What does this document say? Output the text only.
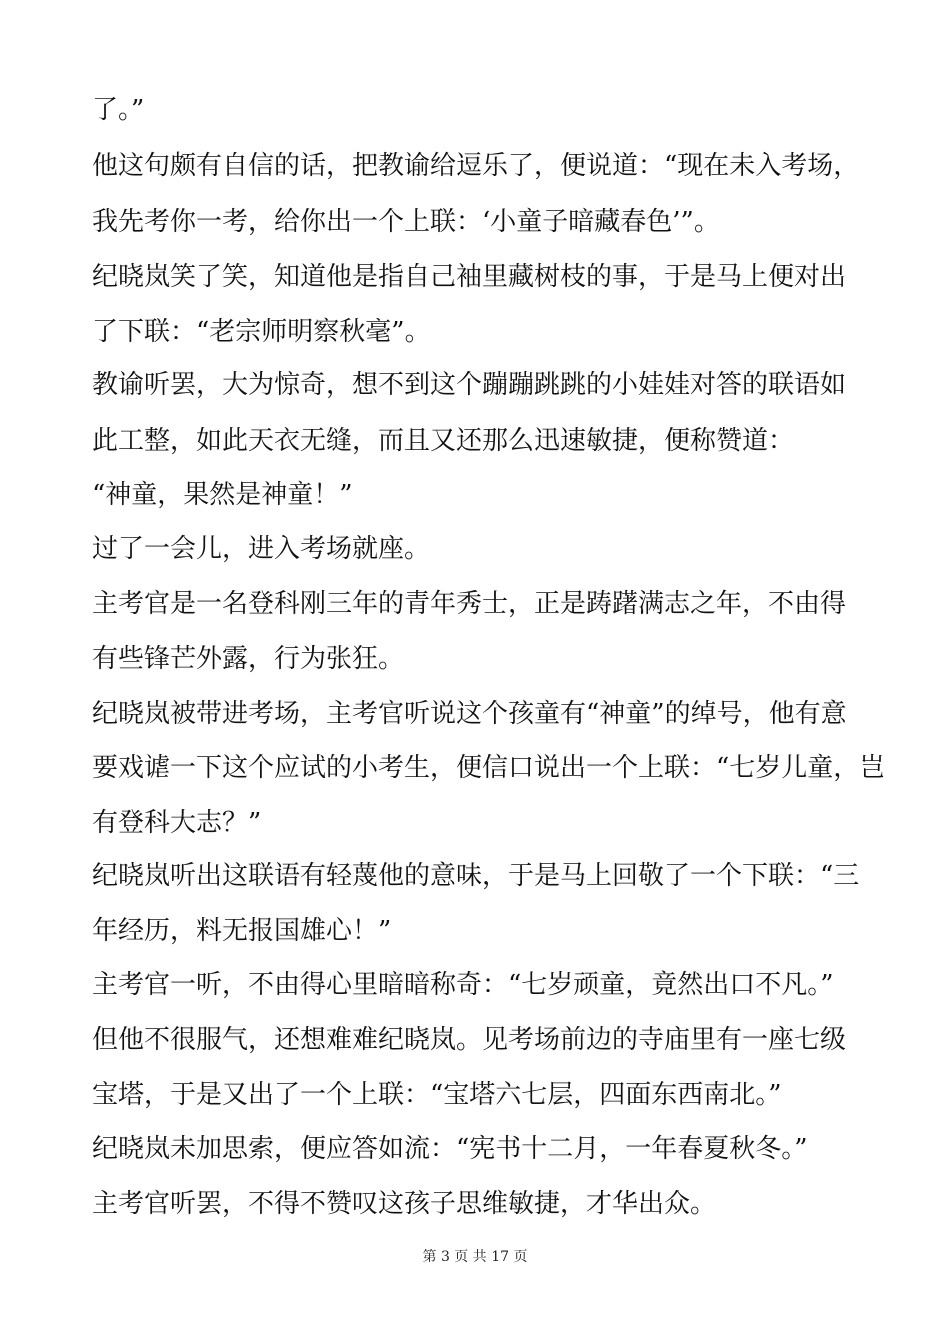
了。”
他这句颇有自信的话，把教谕给逗乐了，便说道：“现在未入考场，
我先考你一考，给你出一个上联：‘小童子暗藏春色’”。
纪晓岚笑了笑，知道他是指自己袖里藏树枝的事，于是马上便对出
了下联：“老宗师明察秋毫”。
教谕听罢，大为惊奇，想不到这个蹦蹦跳跳的小娃娃对答的联语如
此工整，如此天衣无缝，而且又还那么迅速敏捷，便称赞道：
“神童，果然是神童！”
过了一会儿，进入考场就座。
主考官是一名登科刚三年的青年秀士，正是踌躇满志之年，不由得
有些锋芒外露，行为张狂。
纪晓岚被带进考场，主考官听说这个孩童有“神童”的绰号，他有意
要戏谑一下这个应试的小考生，便信口说出一个上联：“七岁儿童，岂
有登科大志？”
纪晓岚听出这联语有轻蔑他的意味，于是马上回敬了一个下联：“三
年经历，料无报国雄心！”
主考官一听，不由得心里暗暗称奇：“七岁顽童，竟然出口不凡。”
但他不很服气，还想难难纪晓岚。见考场前边的寺庙里有一座七级
宝塔，于是又出了一个上联：“宝塔六七层，四面东西南北。”
纪晓岚未加思索，便应答如流：“宪书十二月，一年春夏秋冬。”
主考官听罢，不得不赞叹这孩子思维敏捷，才华出众。
第 3 页 共 17 页
